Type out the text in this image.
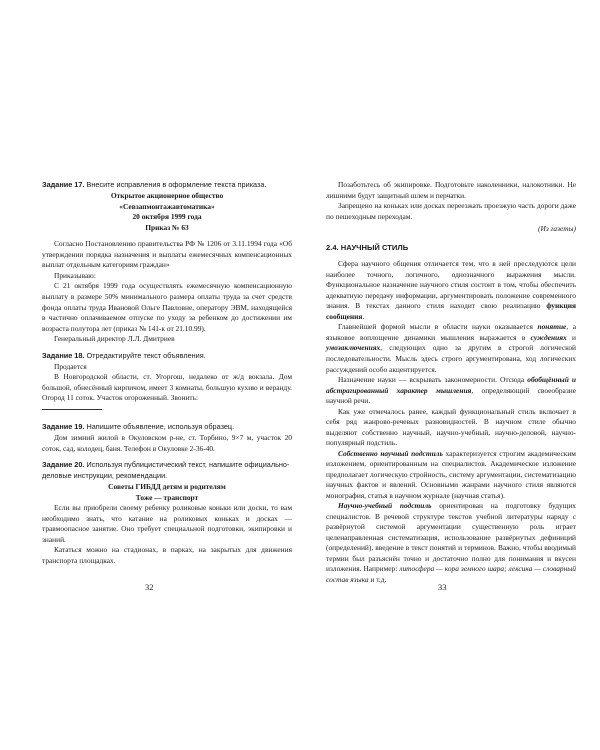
Задание 17. Внесите исправления в оформление текста приказа.
Открытое акционерное общество
«Севзапмонтажавтоматика»
20 октября 1999 года
Приказ № 63

Согласно Постановлению правительства РФ № 1206 от 3.11.1994 года «Об утверждении порядка назначения и выплаты ежемесячных компенсационных выплат отдельным категориям граждан»

Приказываю:

С 21 октября 1999 года осуществлять ежемесячную компенсационную выплату в размере 50% минимального размера оплаты труда за счет средств фонда оплаты труда Ивановой Ольге Павловне, оператору ЭВМ, находящейся в частично оплачиваемом отпуске по уходу за ребенком до достижении им возраста полутора лет (приказ № 141-к от 21.10.99).

Генеральный директор Л.Л. Дмитриев

Задание 18. Отредактируйте текст объявления.

Продается

В Новгородской области, ст. Угоргош, недалеко от ж/д вокзала. Дом большой, обнесённый кирпичом, имеет 3 комнаты, большую кухню и веранду. Огород 11 соток. Участок огороженный. Звонить:

Задание 19. Напишите объявление, используя образец.

Дом зимний жилой в Окуловском р-не, ст. Торбино, 9×7 м, участок 20 соток, сад, колодец, баня. Телефон в Окуловке 2-36-40.

Задание 20. Используя публицистический текст, напишите официально-деловые инструкции, рекомендации.
Советы ГИБДД детям и родителям
Тоже — транспорт

Если вы приобрели своему ребенку роликовые коньки или доски, то вам необходимо знать, что катание на роликовых коньках и досках — травмоопасное занятие. Оно требует специальной подготовки, экипировки и знаний.

Кататься можно на стадионах, в парках, на закрытых для движения транспорта площадках.

32

Позаботьтесь об экипировке. Подготовьте наколенники, налокотники. Не лишними будут защитный шлем и перчатки.

Запрещено на коньках или досках переезжать проезжую часть дороги даже по пешеходным переходам.

(Из газеты)
2.4. НАУЧНЫЙ СТИЛЬ

Сфера научного общения отличается тем, что в ней преследуются цели наиболее точного, логичного, однозначного выражения мысли. Функциональное назначение научного стиля состоит в том, чтобы обеспечить адекватную передачу информации, аргументировать положение современного знания. В текстах данного стиля находит свою реализацию функция сообщения.

Главнейшей формой мысли в области науки оказывается понятие, а языковое воплощение динамики мышления выражается в суждениях и умозаключениях, следующих одно за другим в строгой логической последовательности. Мысль здесь строго аргументирована, ход логических рассуждений особо акцентируется.

Назначение науки — вскрывать закономерности. Отсюда обобщённый и абстрагированный характер мышления, определяющий своеобразие научной речи.

Как уже отмечалось ранее, каждый функциональный стиль включает в себя ряд жанрово-речевых разновидностей. В научном стиле обычно выделяют собственно научный, научно-учебный, научно-деловой, научно-популярный подстиль.

Собственно научный подстиль характеризуется строгим академическим изложением, ориентированным на специалистов. Академическое изложение предполагает логическую стройность, систему аргументации, систематизацию научных фактов и явлений. Основными жанрами научного стиля являются монография, статья в научном журнале (научная статья).

Научно-учебный подстиль ориентирован на подготовку будущих специалистов. В речевой структуре текстов учебной литературы наряду с развёрнутой системой аргументации существенную роль играет целенаправленная систематизация, использование развёрнутых дефиниций (определений), введение в текст понятий и терминов. Важно, чтобы вводимый термин был разъяснён точно и достаточно полно для понимания и вкусен изложения. Например: литосфера — кора земного шара; лексика — словарный состав языка и т.д.

33
